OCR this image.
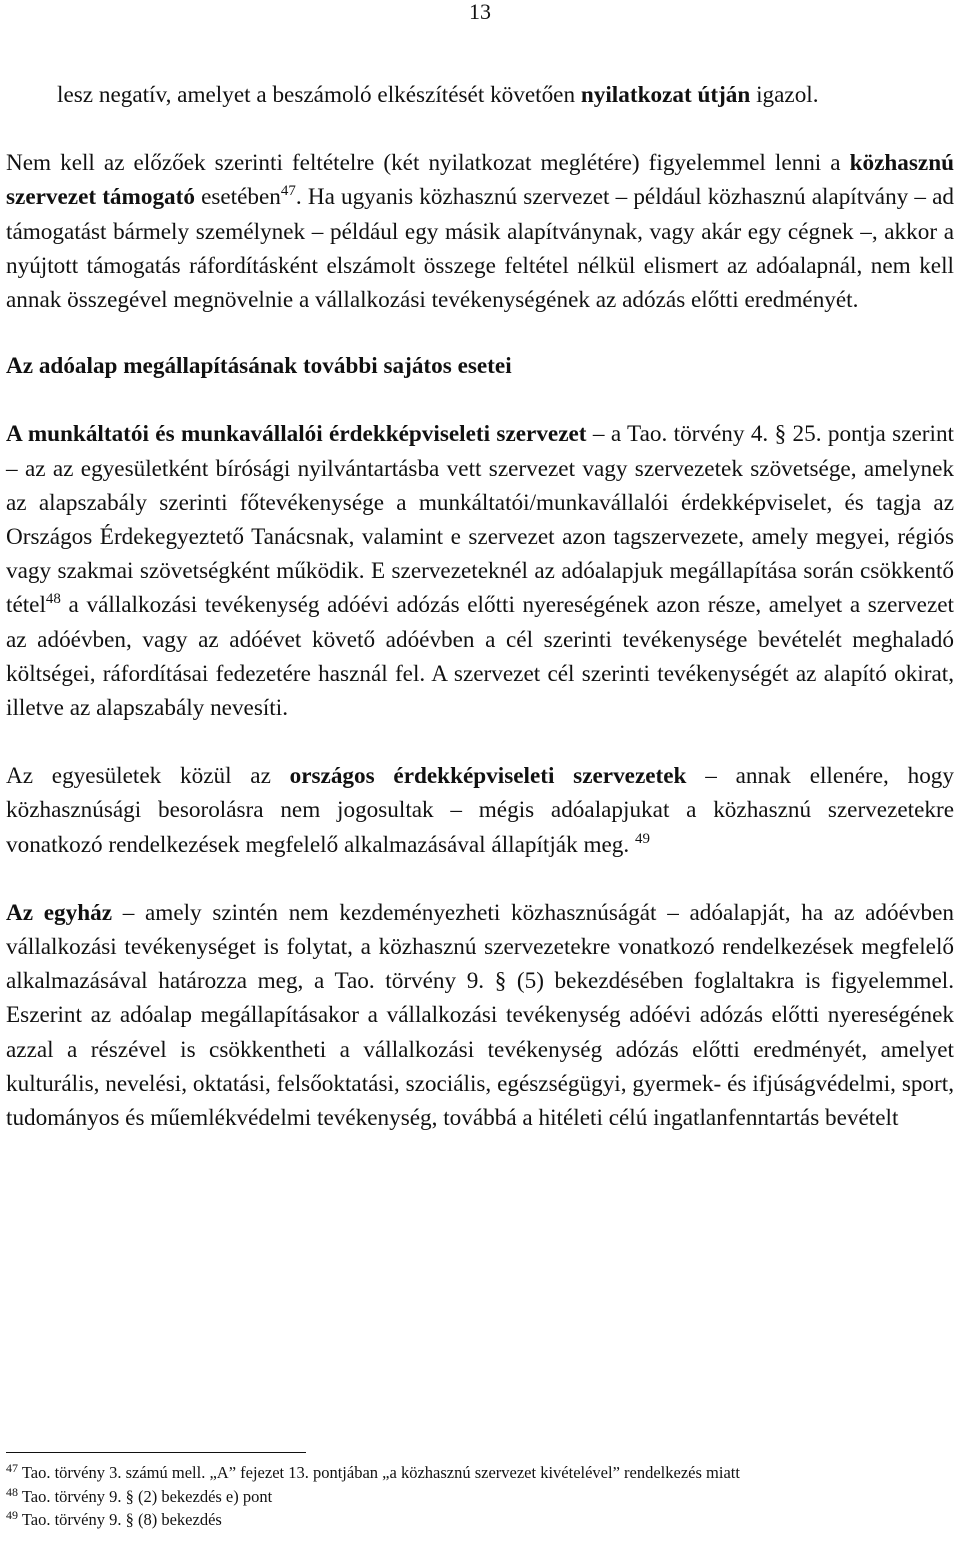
13

lesz negatív, amelyet a beszámoló elkészítését követően nyilatkozat útján igazol.

Nem kell az előzőek szerinti feltételre (két nyilatkozat meglétére) figyelemmel lenni a közhasznú szervezet támogató esetében$^{47}$. Ha ugyanis közhasznú szervezet – például közhasznú alapítvány – ad támogatást bármely személynek – például egy másik alapítványnak, vagy akár egy cégnek –, akkor a nyújtott támogatás ráfordításként elszámolt összege feltétel nélkül elismert az adóalapnál, nem kell annak összegével megnövelnie a vállalkozási tevékenységének az adózás előtti eredményét.

Az adóalap megállapításának további sajátos esetei

A munkáltatói és munkavállalói érdekképviseleti szervezet – a Tao. törvény 4. § 25. pontja szerint – az az egyesületként bírósági nyilvántartásba vett szervezet vagy szervezetek szövetsége, amelynek az alapszabály szerinti főtevékenysége a munkáltatói/munkavállalói érdekképviselet, és tagja az Országos Érdekegyeztető Tanácsnak, valamint e szervezet azon tagszervezete, amely megyei, régiós vagy szakmai szövetségként működik. E szervezeteknél az adóalapjuk megállapítása során csökkentő tétel$^{48}$ a vállalkozási tevékenység adóévi adózás előtti nyereségének azon része, amelyet a szervezet az adóévben, vagy az adóévet követő adóévben a cél szerinti tevékenysége bevételét meghaladó költségei, ráfordításai fedezetére használ fel. A szervezet cél szerinti tevékenységét az alapító okirat, illetve az alapszabály nevesíti.

Az egyesületek közül az országos érdekképviseleti szervezetek – annak ellenére, hogy közhasznúsági besorolásra nem jogosultak – mégis adóalapjukat a közhasznú szervezetekre vonatkozó rendelkezések megfelelő alkalmazásával állapítják meg. $^{49}$

Az egyház – amely szintén nem kezdeményezheti közhasznúságát – adóalapját, ha az adóévben vállalkozási tevékenységet is folytat, a közhasznú szervezetekre vonatkozó rendelkezések megfelelő alkalmazásával határozza meg, a Tao. törvény 9. § (5) bekezdésében foglaltakra is figyelemmel. Eszerint az adóalap megállapításakor a vállalkozási tevékenység adóévi adózás előtti nyereségének azzal a részével is csökkentheti a vállalkozási tevékenység adózás előtti eredményét, amelyet kulturális, nevelési, oktatási, felsőoktatási, szociális, egészségügyi, gyermek- és ifjúságvédelmi, sport, tudományos és műemlékvédelmi tevékenység, továbbá a hitéleti célú ingatlanfenntartás bevételt

$^{47}$ Tao. törvény 3. számú mell. „A” fejezet 13. pontjában „a közhasznú szervezet kivételével” rendelkezés miatt
$^{48}$ Tao. törvény 9. § (2) bekezdés e) pont
$^{49}$ Tao. törvény 9. § (8) bekezdés
